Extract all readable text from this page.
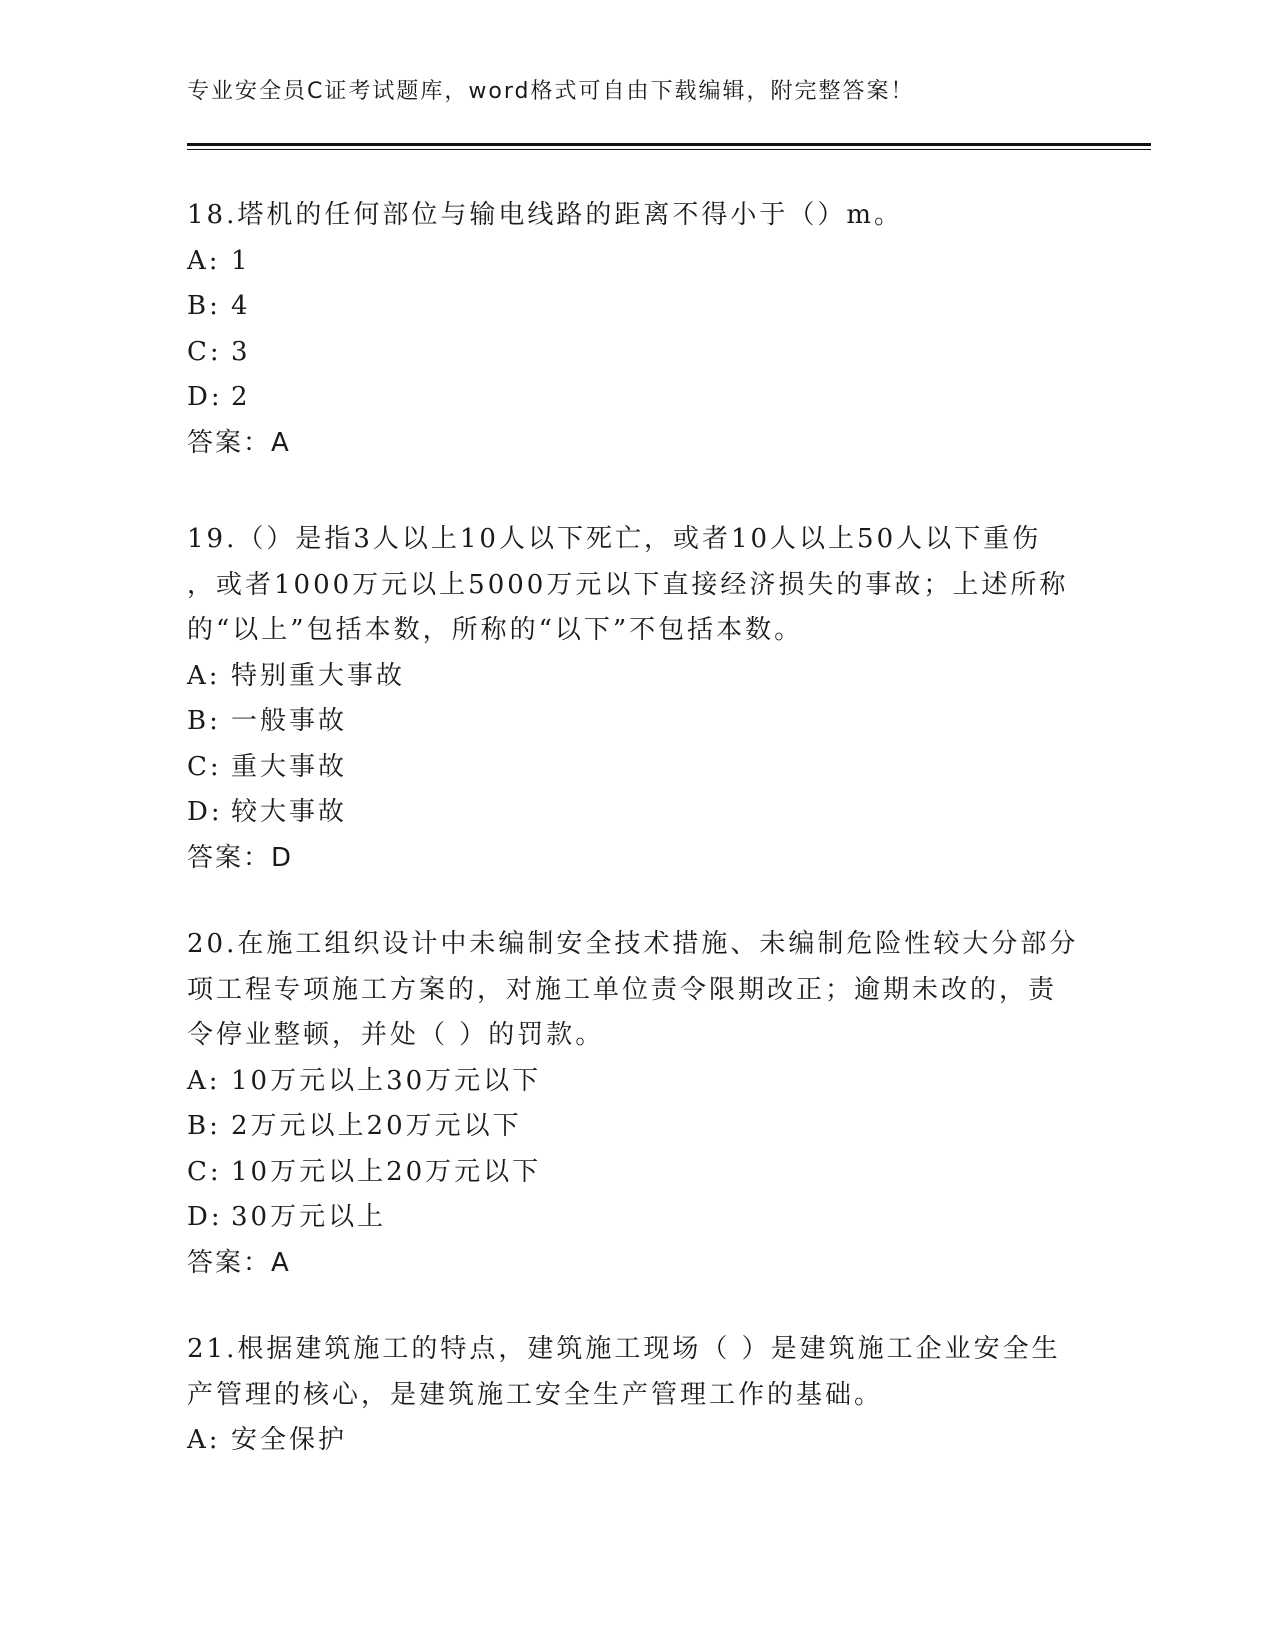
专业安全员C证考试题库，word格式可自由下载编辑，附完整答案！
18.塔机的任何部位与输电线路的距离不得小于（）m。
A: 1
B: 4
C: 3
D: 2
答案：A
19.（）是指3人以上10人以下死亡，或者10人以上50人以下重伤
，或者1000万元以上5000万元以下直接经济损失的事故；上述所称
的“以上”包括本数，所称的“以下”不包括本数。
A: 特别重大事故
B: 一般事故
C: 重大事故
D: 较大事故
答案：D
20.在施工组织设计中未编制安全技术措施、未编制危险性较大分部分
项工程专项施工方案的，对施工单位责令限期改正；逾期未改的，责
令停业整顿，并处（ ）的罚款。
A: 10万元以上30万元以下
B: 2万元以上20万元以下
C: 10万元以上20万元以下
D: 30万元以上
答案：A
21.根据建筑施工的特点，建筑施工现场（ ）是建筑施工企业安全生
产管理的核心，是建筑施工安全生产管理工作的基础。
A: 安全保护
